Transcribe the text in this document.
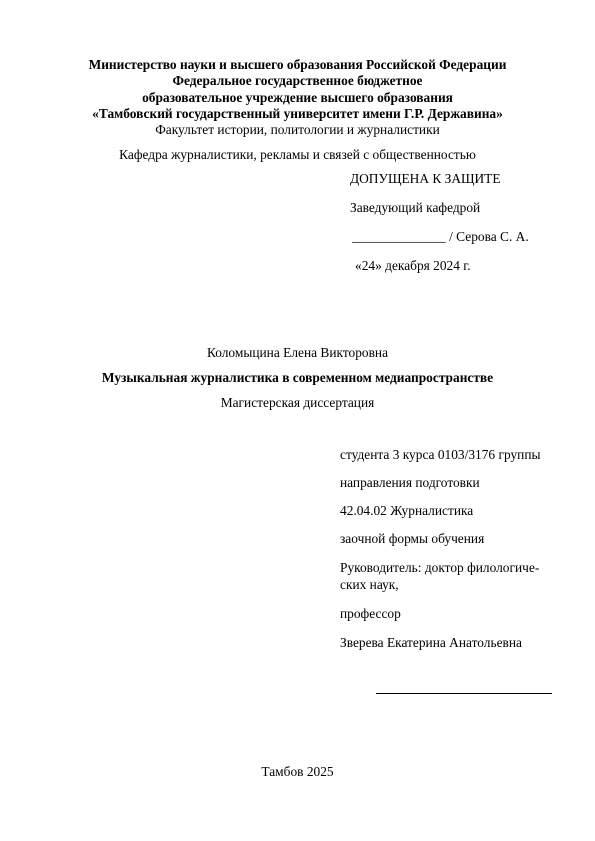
Министерство науки и высшего образования Российской Федерации
Федеральное государственное бюджетное
образовательное учреждение высшего образования
«Тамбовский государственный университет имени Г.Р. Державина»
Факультет истории, политологии и журналистики
Кафедра журналистики, рекламы и связей с общественностью
ДОПУЩЕНА К ЗАЩИТЕ
Заведующий кафедрой
______________ / Серова С. А.
«24» декабря 2024 г.
Коломыцина Елена Викторовна
Музыкальная журналистика в современном медиапространстве
Магистерская диссертация
студента 3 курса 0103/3176 группы
направления подготовки
42.04.02 Журналистика
заочной формы обучения
Руководитель: доктор филологиче-
ских наук,
профессор
Зверева Екатерина Анатольевна
Тамбов 2025
